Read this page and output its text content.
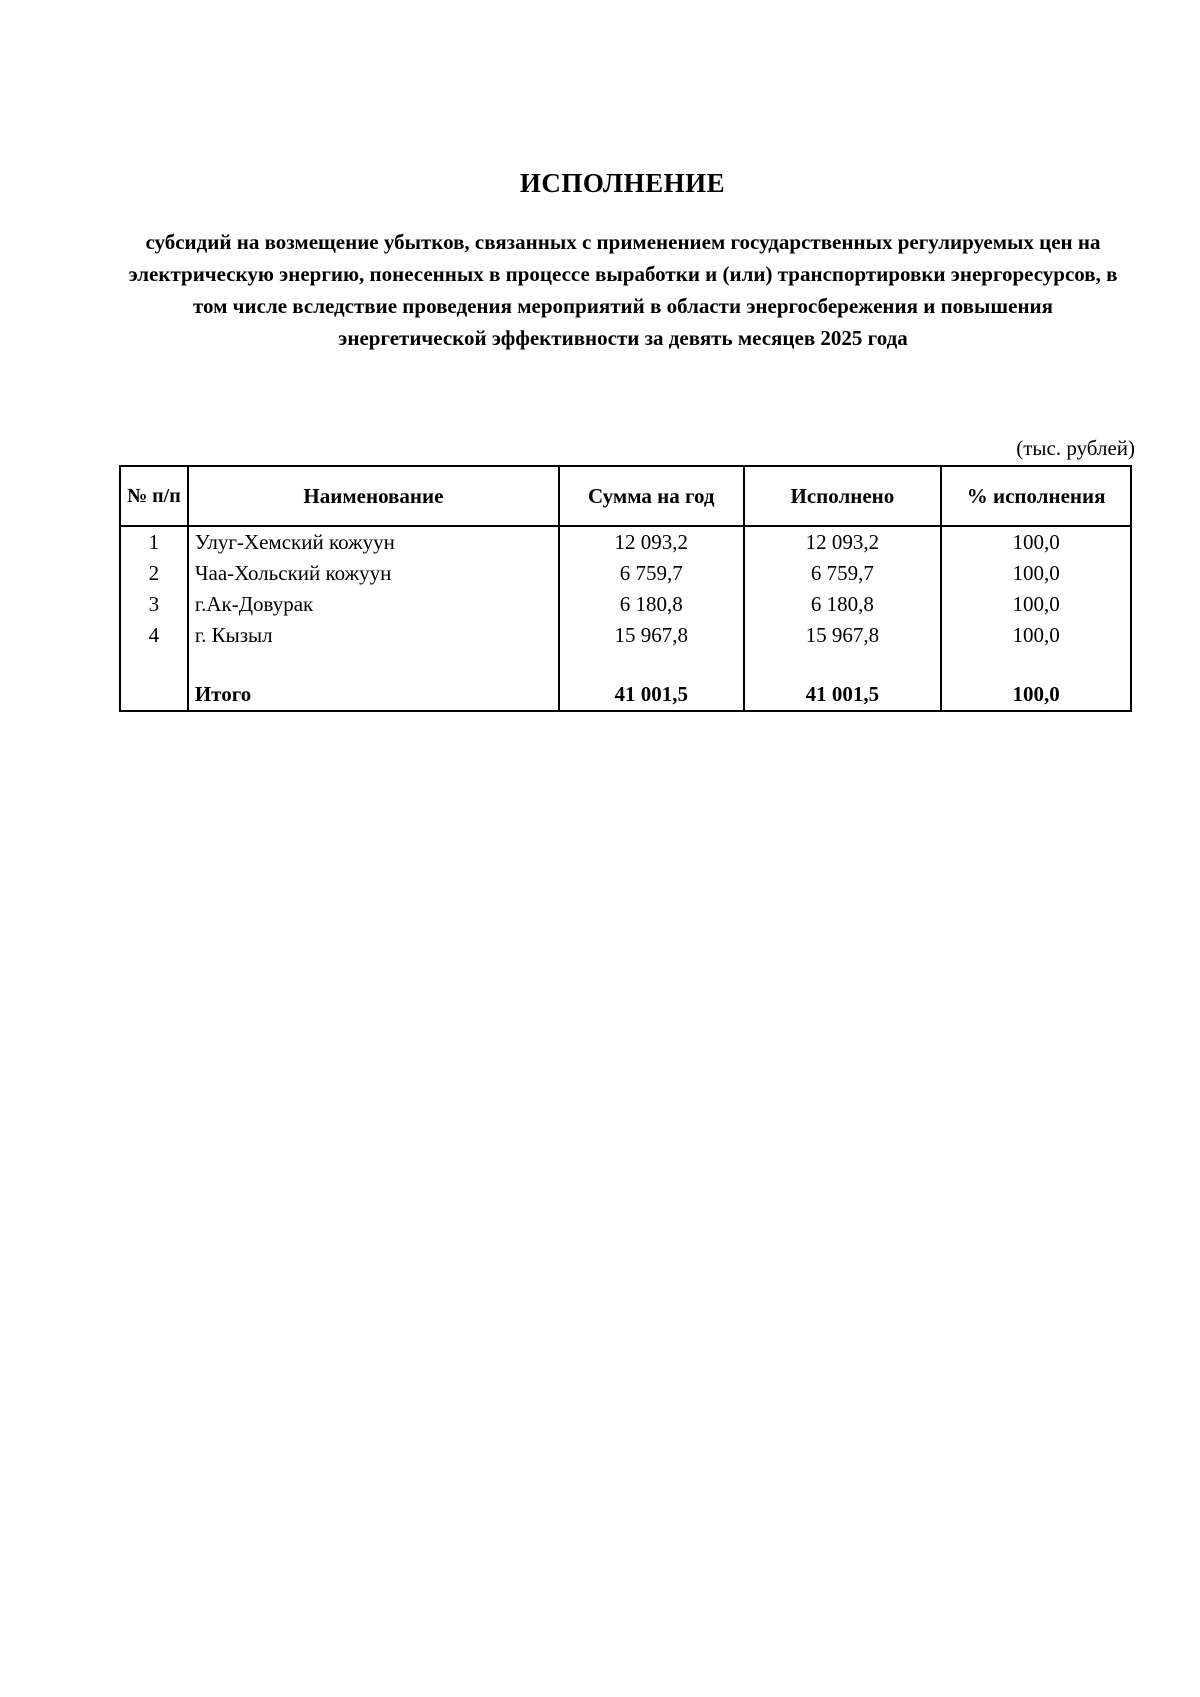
ИСПОЛНЕНИЕ
субсидий на возмещение убытков, связанных с применением государственных регулируемых цен на электрическую энергию, понесенных в процессе выработки и (или) транспортировки энергоресурсов, в том числе вследствие проведения мероприятий в области энергосбережения и повышения энергетической эффективности за девять месяцев 2025 года
(тыс. рублей)
№ п/п	Наименование	Сумма на год	Исполнено	% исполнения
1	Улуг-Хемский кожуун	12 093,2	12 093,2	100,0
2	Чаа-Хольский кожуун	6 759,7	6 759,7	100,0
3	г.Ак-Довурак	6 180,8	6 180,8	100,0
4	г. Кызыл	15 967,8	15 967,8	100,0

	Итого	41 001,5	41 001,5	100,0
